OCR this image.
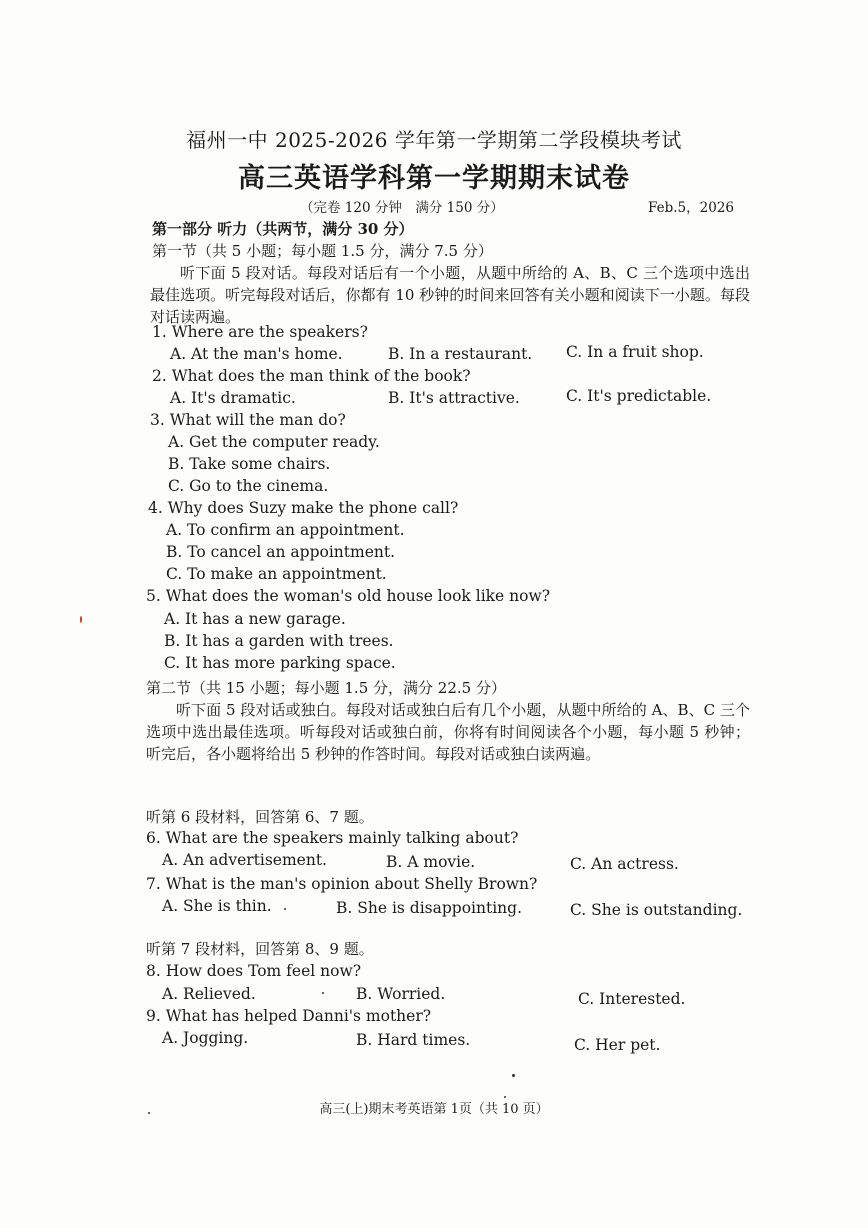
福州一中 2025-2026 学年第一学期第二学段模块考试
高三英语学科第一学期期末试卷
（完卷 120 分钟　满分 150 分）	Feb.5，2026
第一部分 听力（共两节，满分 30 分）
第一节（共 5 小题；每小题 1.5 分，满分 7.5 分）
听下面 5 段对话。每段对话后有一个小题，从题中所给的 A、B、C 三个选项中选出最佳选项。听完每段对话后，你都有 10 秒钟的时间来回答有关小题和阅读下一小题。每段对话读两遍。
1. Where are the speakers?
A. At the man's home.	B. In a restaurant. C. In a fruit shop.
2. What does the man think of the book?
A. It's dramatic.	B. It's attractive.	C. It's predictable.
3. What will the man do?
A. Get the computer ready.
B. Take some chairs.
C. Go to the cinema.
4. Why does Suzy make the phone call?
A. To confirm an appointment.
B. To cancel an appointment.
C. To make an appointment.
5. What does the woman's old house look like now?
A. It has a new garage.
B. It has a garden with trees.
C. It has more parking space.
第二节（共 15 小题；每小题 1.5 分，满分 22.5 分）
听下面 5 段对话或独白。每段对话或独白后有几个小题，从题中所给的 A、B、C 三个选项中选出最佳选项。听每段对话或独白前，你将有时间阅读各个小题，每小题 5 秒钟；听完后，各小题将给出 5 秒钟的作答时间。每段对话或独白读两遍。
听第 6 段材料，回答第 6、7 题。
6. What are the speakers mainly talking about?
A. An advertisement.	B. A movie.	C. An actress.
7. What is the man's opinion about Shelly Brown?
A. She is thin.	B. She is disappointing.	C. She is outstanding.
听第 7 段材料，回答第 8、9 题。
8. How does Tom feel now?
A. Relieved.	B. Worried.	C. Interested.
9. What has helped Danni's mother?
A. Jogging.	B. Hard times.	C. Her pet.
高三(上)期末考英语第 1页（共 10 页）
